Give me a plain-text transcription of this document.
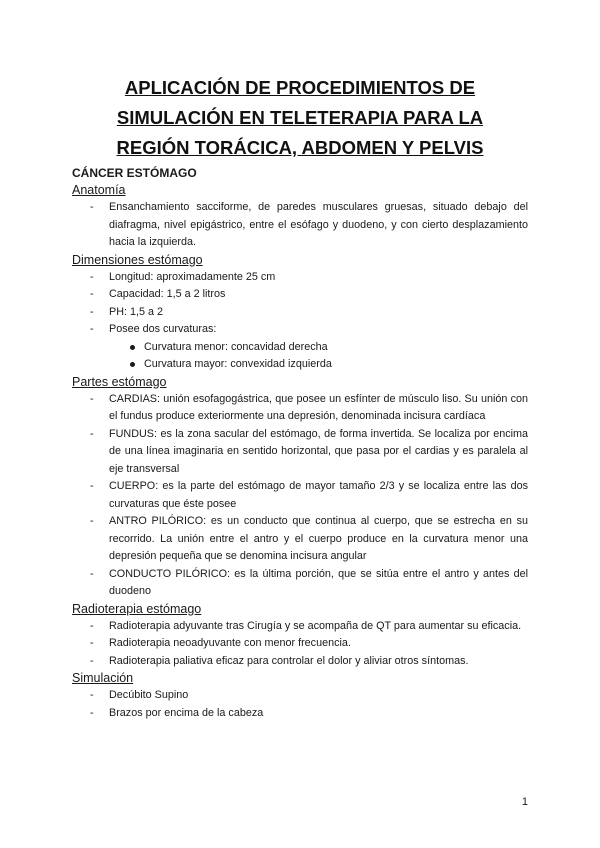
APLICACIÓN DE PROCEDIMIENTOS DE
SIMULACIÓN EN TELETERAPIA PARA LA
REGIÓN TORÁCICA, ABDOMEN Y PELVIS

CÁNCER ESTÓMAGO

Anatomía

- Ensanchamiento sacciforme, de paredes musculares gruesas, situado debajo del diafragma, nivel epigástrico, entre el esófago y duodeno, y con cierto desplazamiento hacia la izquierda.

Dimensiones estómago

- Longitud: aproximadamente 25 cm
- Capacidad: 1,5 a 2 litros
- PH: 1,5 a 2
- Posee dos curvaturas:
Curvatura menor: concavidad derecha
Curvatura mayor: convexidad izquierda

Partes estómago

- CARDIAS: unión esofagogástrica, que posee un esfínter de músculo liso. Su unión con el fundus produce exteriormente una depresión, denominada incisura cardíaca
- FUNDUS: es la zona sacular del estómago, de forma invertida. Se localiza por encima de una línea imaginaria en sentido horizontal, que pasa por el cardias y es paralela al eje transversal
- CUERPO: es la parte del estómago de mayor tamaño 2/3 y se localiza entre las dos curvaturas que éste posee
- ANTRO PILÓRICO: es un conducto que continua al cuerpo, que se estrecha en su recorrido. La unión entre el antro y el cuerpo produce en la curvatura menor una depresión pequeña que se denomina incisura angular
- CONDUCTO PILÓRICO: es la última porción, que se sitúa entre el antro y antes del duodeno

Radioterapia estómago

- Radioterapia adyuvante tras Cirugía y se acompaña de QT para aumentar su eficacia.
- Radioterapia neoadyuvante con menor frecuencia.
- Radioterapia paliativa eficaz para controlar el dolor y aliviar otros síntomas.

Simulación

- Decúbito Supino
- Brazos por encima de la cabeza
1
